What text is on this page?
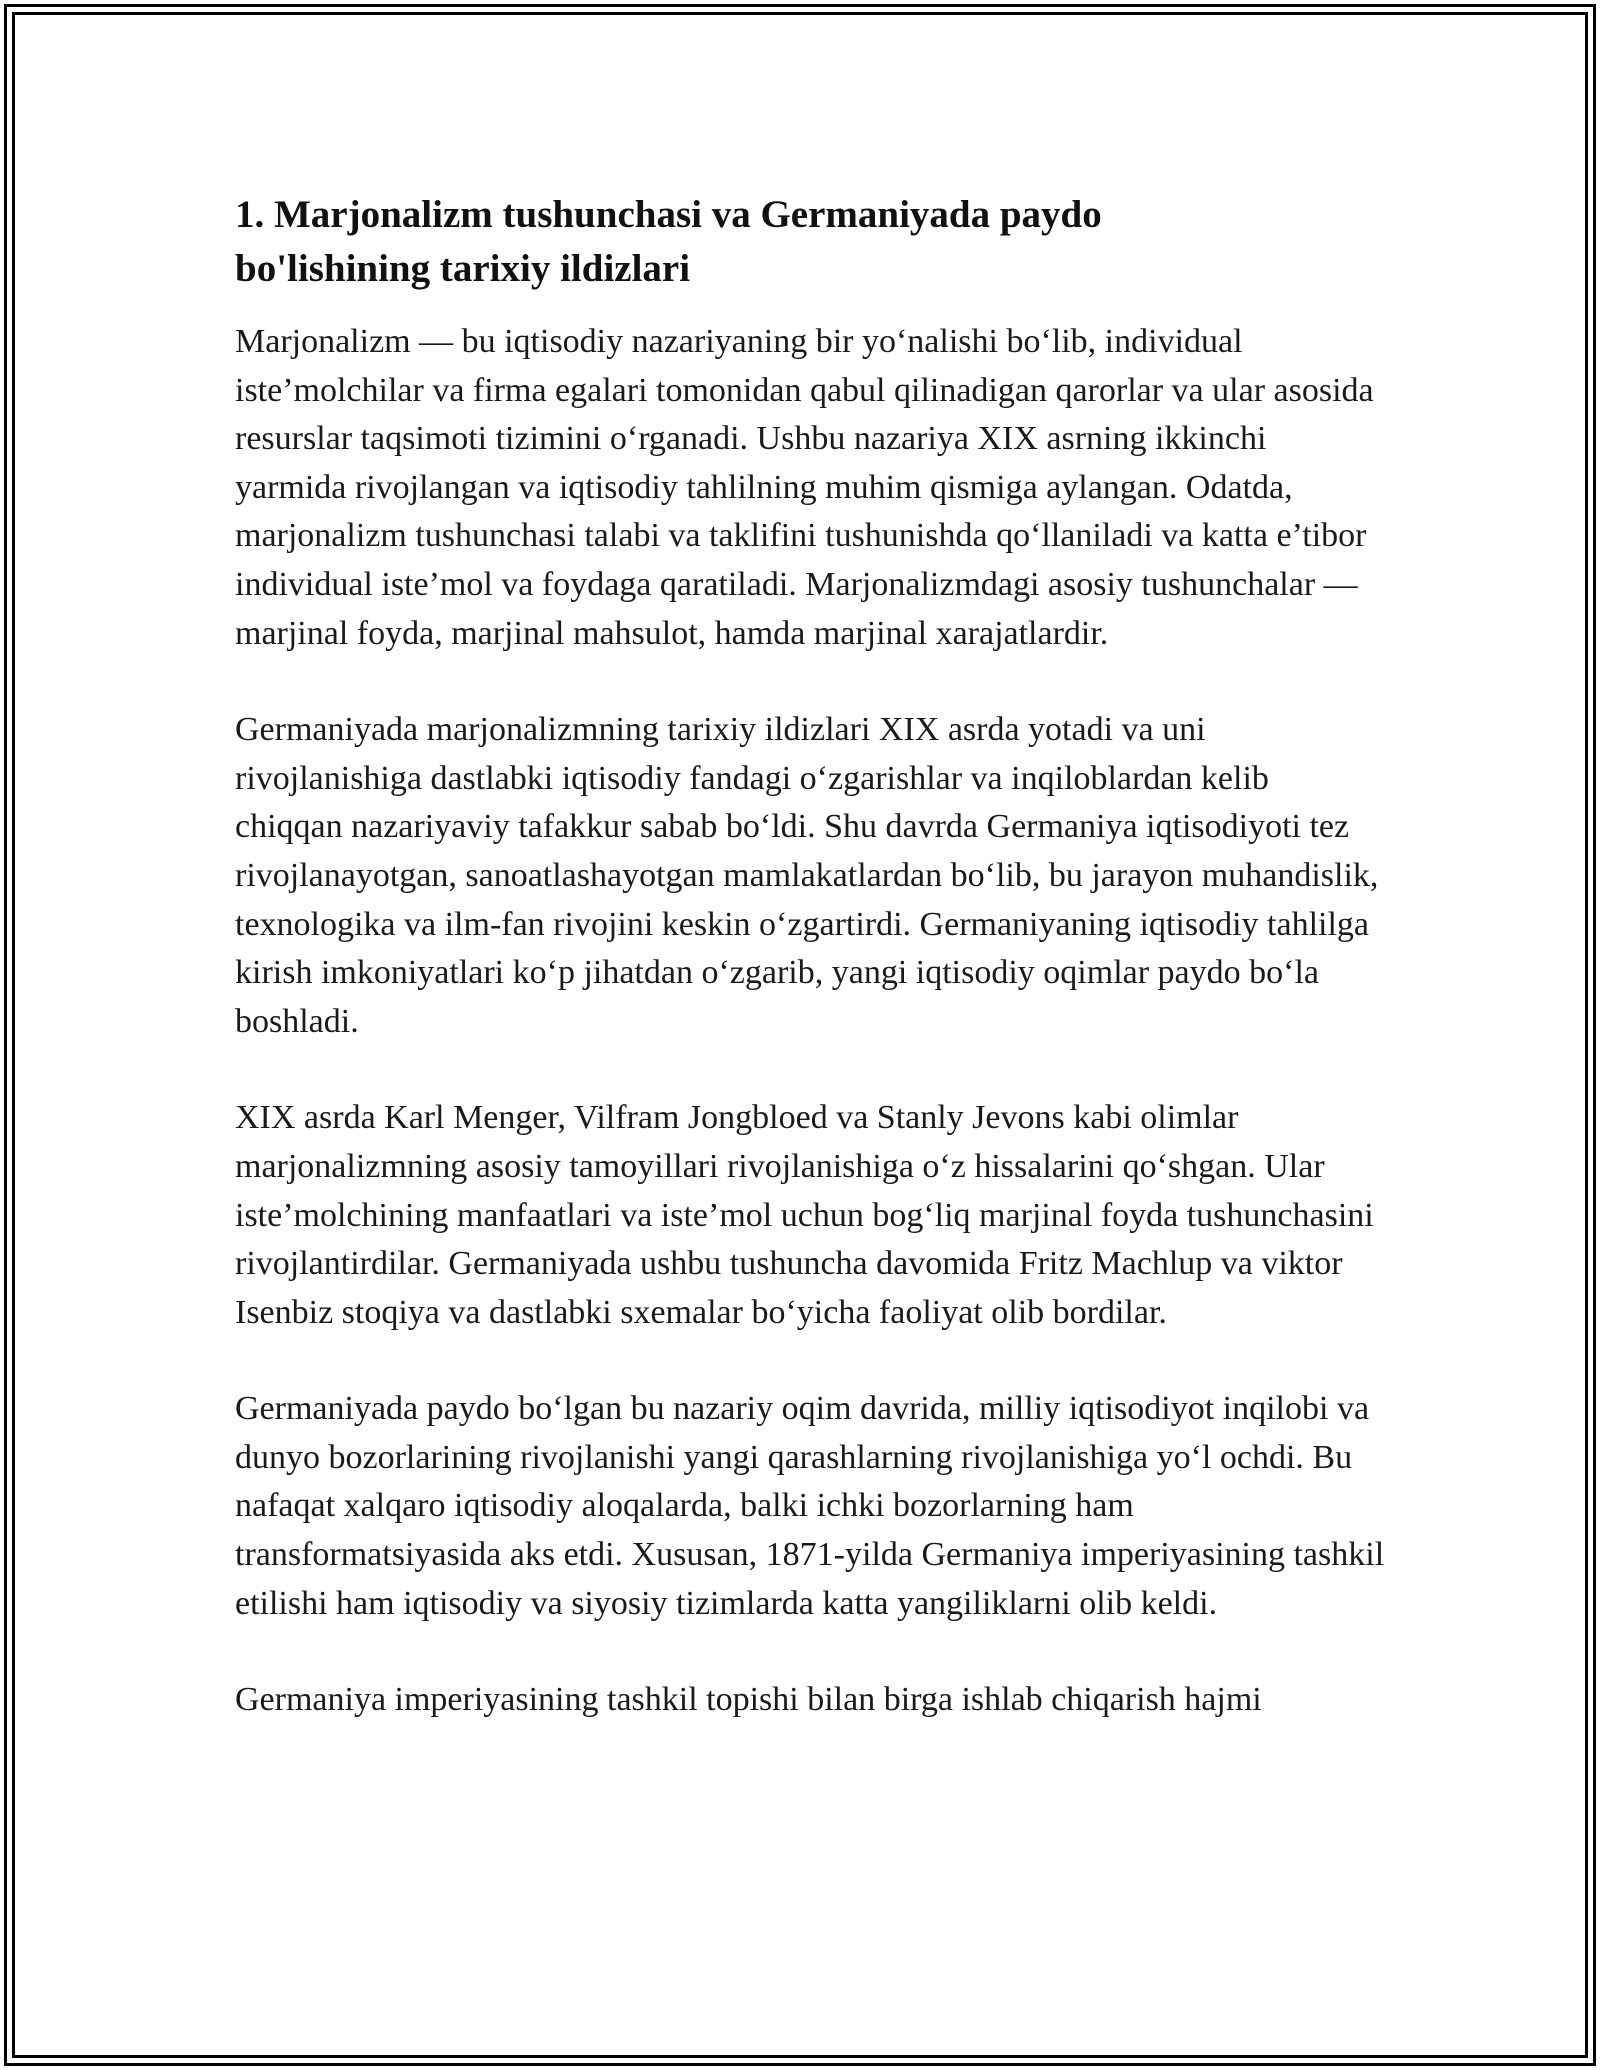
1. Marjonalizm tushunchasi va Germaniyada paydo
bo'lishining tarixiy ildizlari

Marjonalizm — bu iqtisodiy nazariyaning bir yo‘nalishi bo‘lib, individual iste’molchilar va firma egalari tomonidan qabul qilinadigan qarorlar va ular asosida resurslar taqsimoti tizimini o‘rganadi. Ushbu nazariya XIX asrning ikkinchi yarmida rivojlangan va iqtisodiy tahlilning muhim qismiga aylangan. Odatda, marjonalizm tushunchasi talabi va taklifini tushunishda qo‘llaniladi va katta e’tibor individual iste’mol va foydaga qaratiladi. Marjonalizmdagi asosiy tushunchalar — marjinal foyda, marjinal mahsulot, hamda marjinal xarajatlardir.

Germaniyada marjonalizmning tarixiy ildizlari XIX asrda yotadi va uni rivojlanishiga dastlabki iqtisodiy fandagi o‘zgarishlar va inqiloblardan kelib chiqqan nazariyaviy tafakkur sabab bo‘ldi. Shu davrda Germaniya iqtisodiyoti tez rivojlanayotgan, sanoatlashayotgan mamlakatlardan bo‘lib, bu jarayon muhandislik, texnologika va ilm-fan rivojini keskin o‘zgartirdi. Germaniyaning iqtisodiy tahlilga kirish imkoniyatlari ko‘p jihatdan o‘zgarib, yangi iqtisodiy oqimlar paydo bo‘la boshladi.

XIX asrda Karl Menger, Vilfram Jongbloed va Stanly Jevons kabi olimlar marjonalizmning asosiy tamoyillari rivojlanishiga o‘z hissalarini qo‘shgan. Ular iste’molchining manfaatlari va iste’mol uchun bog‘liq marjinal foyda tushunchasini rivojlantirdilar. Germaniyada ushbu tushuncha davomida Fritz Machlup va viktor Isenbiz stoqiya va dastlabki sxemalar bo‘yicha faoliyat olib bordilar.

Germaniyada paydo bo‘lgan bu nazariy oqim davrida, milliy iqtisodiyot inqilobi va dunyo bozorlarining rivojlanishi yangi qarashlarning rivojlanishiga yo‘l ochdi. Bu nafaqat xalqaro iqtisodiy aloqalarda, balki ichki bozorlarning ham transformatsiyasida aks etdi. Xususan, 1871-yilda Germaniya imperiyasining tashkil etilishi ham iqtisodiy va siyosiy tizimlarda katta yangiliklarni olib keldi.

Germaniya imperiyasining tashkil topishi bilan birga ishlab chiqarish hajmi
